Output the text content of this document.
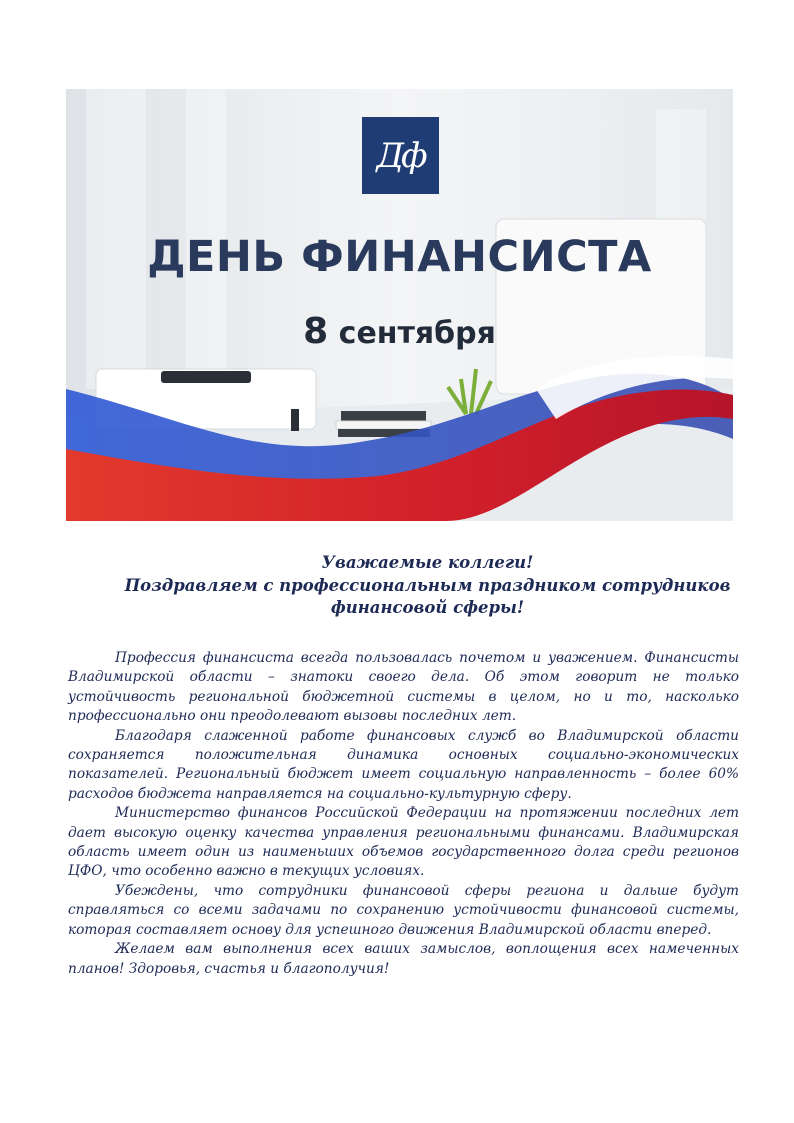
Дф
ДЕНЬ ФИНАНСИСТА
8 сентября
Уважаемые коллеги!
Поздравляем с профессиональным праздником сотрудников
финансовой сферы!

Профессия финансиста всегда пользовалась почетом и уважением. Финансисты Владимирской области – знатоки своего дела. Об этом говорит не только устойчивость региональной бюджетной системы в целом, но и то, насколько профессионально они преодолевают вызовы последних лет.

Благодаря слаженной работе финансовых служб во Владимирской области сохраняется положительная динамика основных социально-экономических показателей. Региональный бюджет имеет социальную направленность – более 60% расходов бюджета направляется на социально-культурную сферу.

Министерство финансов Российской Федерации на протяжении последних лет дает высокую оценку качества управления региональными финансами. Владимирская область имеет один из наименьших объемов государственного долга среди регионов ЦФО, что особенно важно в текущих условиях.

Убеждены, что сотрудники финансовой сферы региона и дальше будут справляться со всеми задачами по сохранению устойчивости финансовой системы, которая составляет основу для успешного движения Владимирской области вперед.

Желаем вам выполнения всех ваших замыслов, воплощения всех намеченных планов! Здоровья, счастья и благополучия!
